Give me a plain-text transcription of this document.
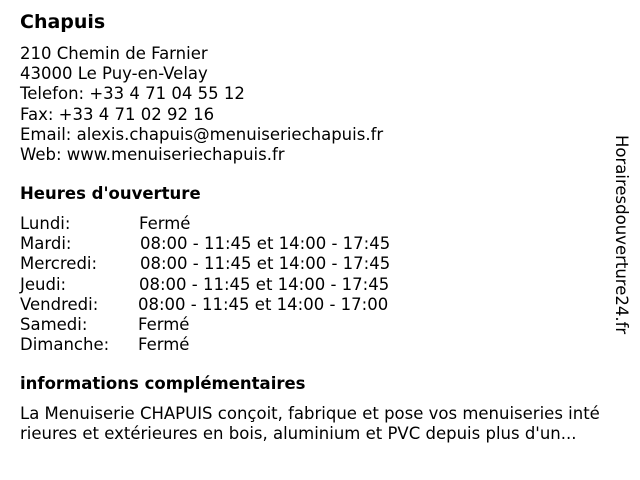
Chapuis
210 Chemin de Farnier
43000 Le Puy-en-Velay
Telefon: +33 4 71 04 55 12
Fax: +33 4 71 02 92 16
Email: alexis.chapuis@menuiseriechapuis.fr
Web: www.menuiseriechapuis.fr
Heures d'ouverture
Lundi:	Fermé
Mardi:	08:00 - 11:45 et 14:00 - 17:45
Mercredi:	08:00 - 11:45 et 14:00 - 17:45
Jeudi:	08:00 - 11:45 et 14:00 - 17:45
Vendredi: 08:00 - 11:45 et 14:00 - 17:00
Samedi:	Fermé
Dimanche: Fermé
informations complémentaires
La Menuiserie CHAPUIS conçoit, fabrique et pose vos menuiseries inté
rieures et extérieures en bois, aluminium et PVC depuis plus d'un...
Horairesdouverture24.fr
